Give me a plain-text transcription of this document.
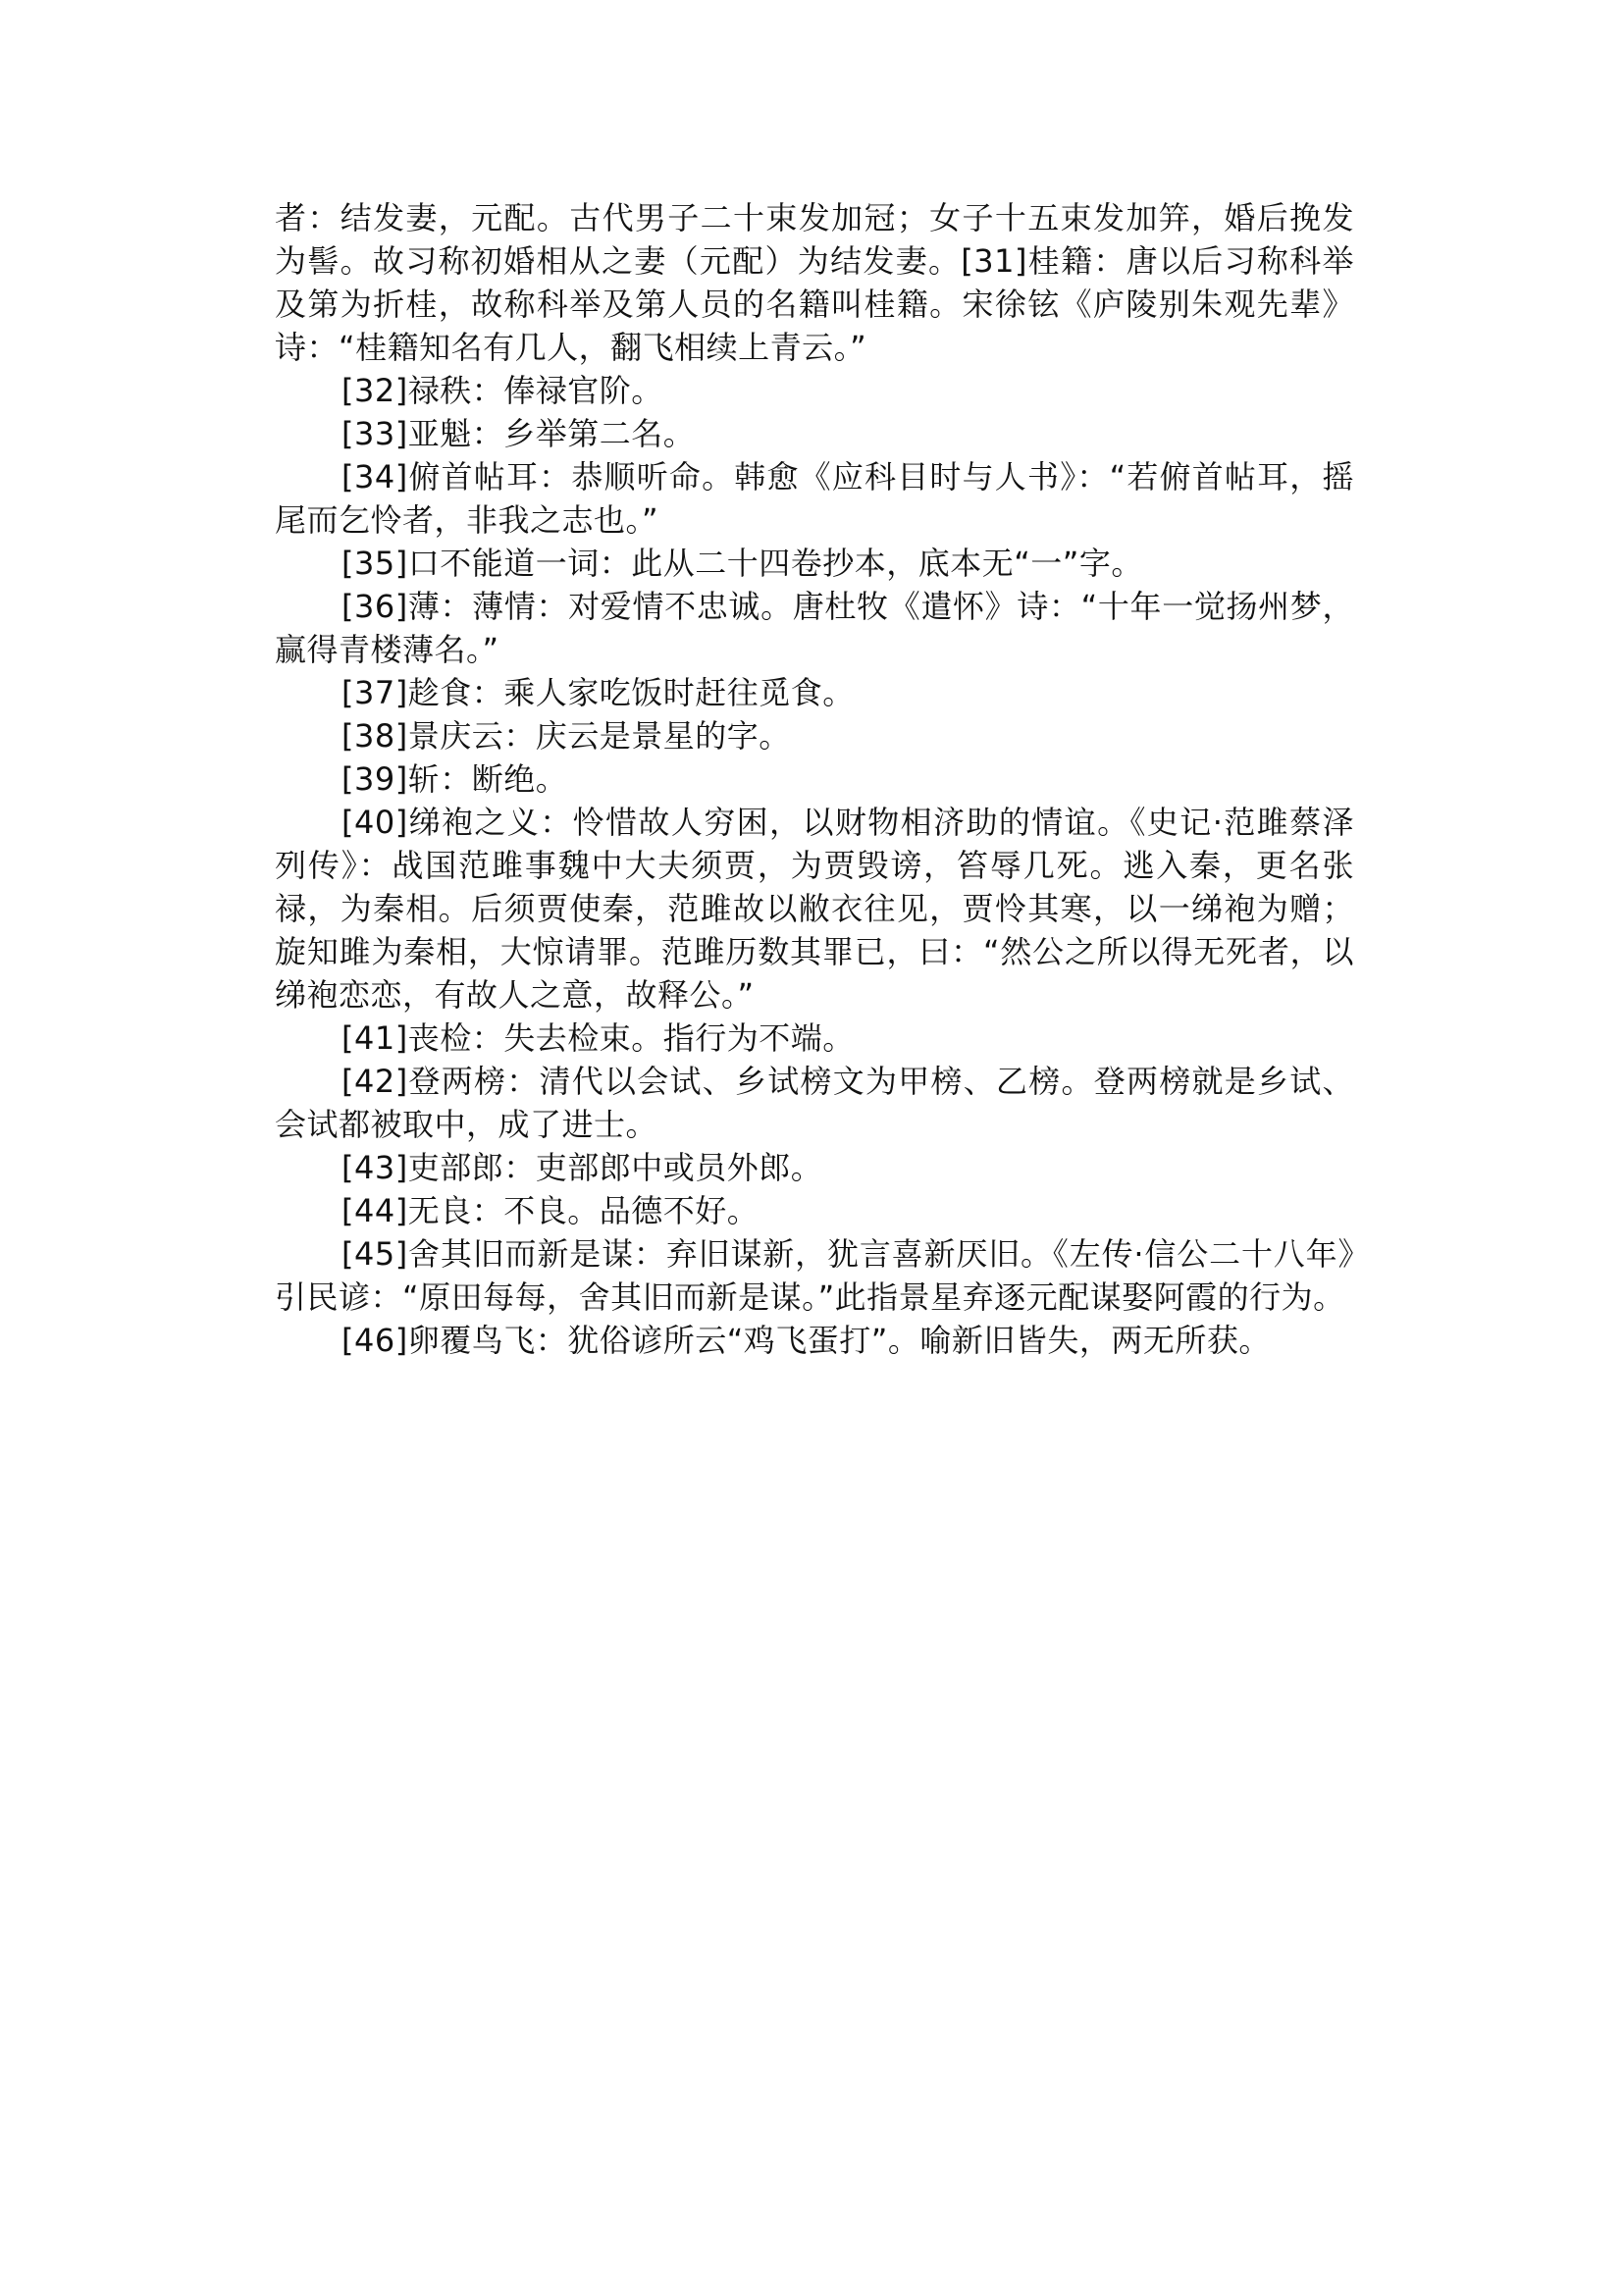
者：结发妻，元配。古代男子二十束发加冠；女子十五束发加笄，婚后挽发为髻。故习称初婚相从之妻（元配）为结发妻。[31]桂籍：唐以后习称科举及第为折桂，故称科举及第人员的名籍叫桂籍。宋徐铉《庐陵别朱观先辈》诗：“桂籍知名有几人，翻飞相续上青云。”

[32]禄秩：俸禄官阶。

[33]亚魁：乡举第二名。

[34]俯首帖耳：恭顺听命。韩愈《应科目时与人书》：“若俯首帖耳，摇尾而乞怜者，非我之志也。”

[35]口不能道一词：此从二十四卷抄本，底本无“一”字。

[36]薄：薄情：对爱情不忠诚。唐杜牧《遣怀》诗：“十年一觉扬州梦，赢得青楼薄名。”

[37]趁食：乘人家吃饭时赶往觅食。

[38]景庆云：庆云是景星的字。

[39]斩：断绝。

[40]绨袍之义：怜惜故人穷困，以财物相济助的情谊。《史记·范雎蔡泽列传》：战国范雎事魏中大夫须贾，为贾毁谤，笞辱几死。逃入秦，更名张禄，为秦相。后须贾使秦，范雎故以敝衣往见，贾怜其寒，以一绨袍为赠；旋知雎为秦相，大惊请罪。范雎历数其罪已，曰：“然公之所以得无死者，以绨袍恋恋，有故人之意，故释公。”

[41]丧检：失去检束。指行为不端。

[42]登两榜：清代以会试、乡试榜文为甲榜、乙榜。登两榜就是乡试、会试都被取中，成了进士。

[43]吏部郎：吏部郎中或员外郎。

[44]无良：不良。品德不好。

[45]舍其旧而新是谋：弃旧谋新，犹言喜新厌旧。《左传·信公二十八年》引民谚：“原田每每，舍其旧而新是谋。”此指景星弃逐元配谋娶阿霞的行为。

[46]卵覆鸟飞：犹俗谚所云“鸡飞蛋打”。喻新旧皆失，两无所获。
